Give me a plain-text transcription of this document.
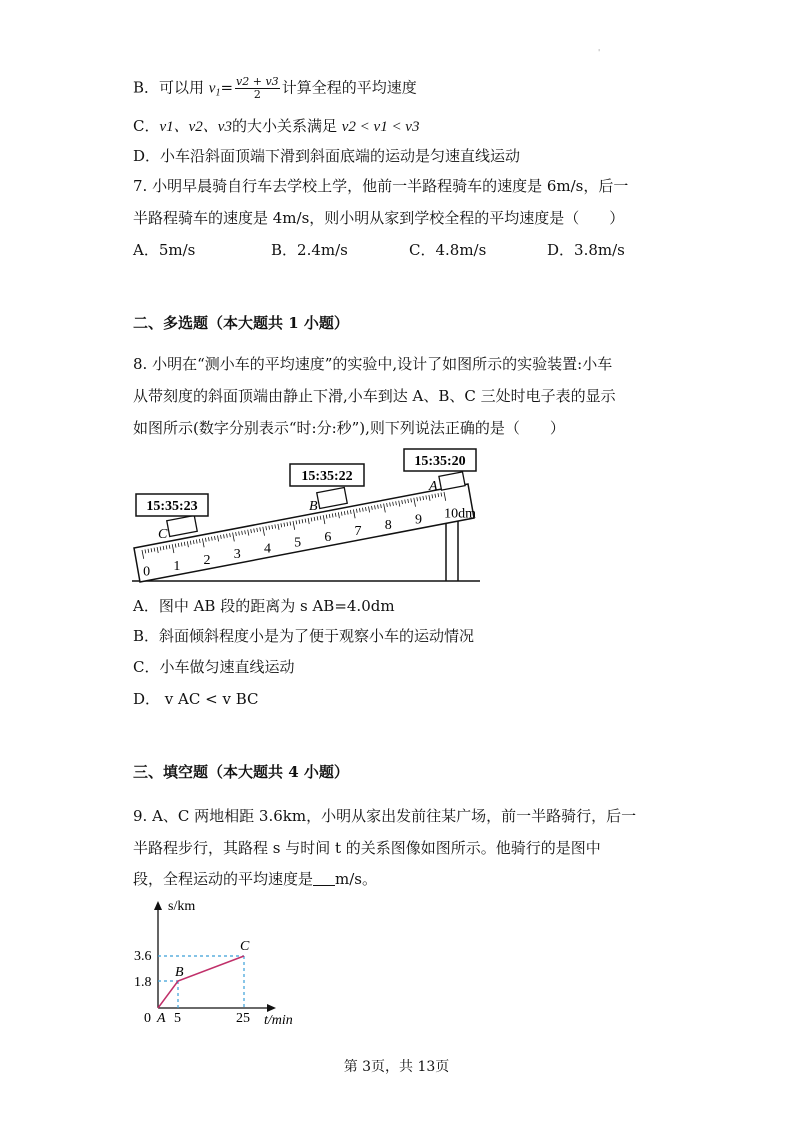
'
B．可以用 $v_1= \frac{v2 + v3}{2}$ 计算全程的平均速度
C．v1、v2、v3的大小关系满足 v2 < v1 < v3
D．小车沿斜面顶端下滑到斜面底端的运动是匀速直线运动
7. 小明早晨骑自行车去学校上学，他前一半路程骑车的速度是 6m/s，后一
半路程骑车的速度是 4m/s，则小明从家到学校全程的平均速度是（　　）
A．5m/s	B．2.4m/s	C．4.8m/s	D．3.8m/s
二、多选题（本大题共 1 小题）
8. 小明在“测小车的平均速度”的实验中,设计了如图所示的实验装置:小车
从带刻度的斜面顶端由静止下滑,小车到达 A、B、C 三处时电子表的显示
如图所示(数字分别表示“时:分:秒”),则下列说法正确的是（　　）
0 1 2 3 4 5 6 7 8 9 10dm
C
B
A
15:35:23
15:35:22
15:35:20
A．图中 AB 段的距离为 s AB=4.0dm
B．斜面倾斜程度小是为了便于观察小车的运动情况
C．小车做匀速直线运动
D． v AC < v BC
三、填空题（本大题共 4 小题）
9. A、C 两地相距 3.6km，小明从家出发前往某广场，前一半路骑行，后一
半路程步行，其路程 s 与时间 t 的关系图像如图所示。他骑行的是图中
段，全程运动的平均速度是 m/s。
s/km
t/min
3.6
1.8
0 A 5	25
B
C
第 3页，共 13页
